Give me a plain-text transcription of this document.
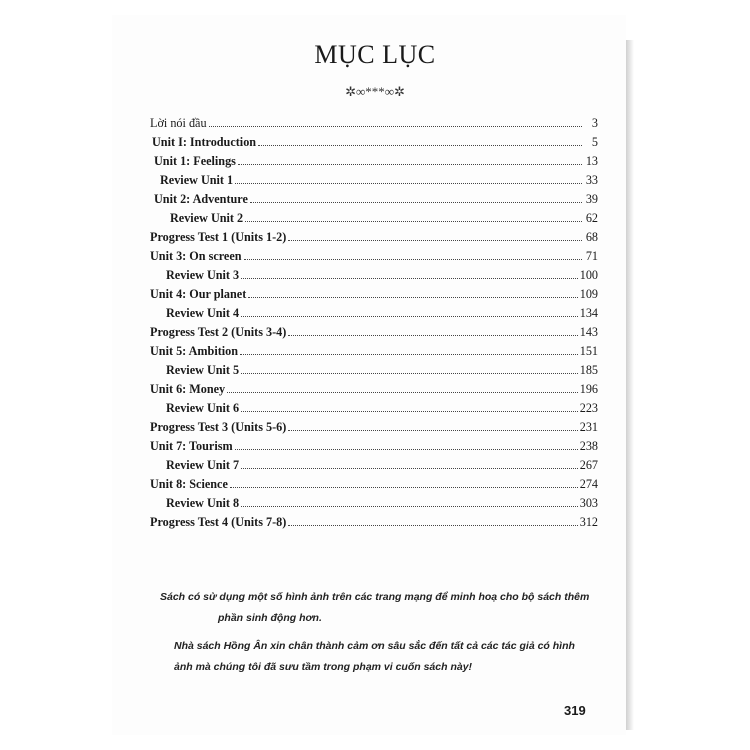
MỤC LỤC
✲∞***∞✲
Lời nói đầu	3
Unit I: Introduction	5
Unit 1: Feelings	13
Review Unit 1	33
Unit 2: Adventure	39
Review Unit 2	62
Progress Test 1 (Units 1-2)	68
Unit 3: On screen	71
Review Unit 3	100
Unit 4: Our planet	109
Review Unit 4	134
Progress Test 2 (Units 3-4)	143
Unit 5: Ambition	151
Review Unit 5	185
Unit 6: Money	196
Review Unit 6	223
Progress Test 3 (Units 5-6)	231
Unit 7: Tourism	238
Review Unit 7	267
Unit 8: Science	274
Review Unit 8	303
Progress Test 4 (Units 7-8)	312
Sách có sử dụng một số hình ảnh trên các trang mạng để minh hoạ cho bộ sách thêm
phần sinh động hơn.
Nhà sách Hồng Ân xin chân thành cảm ơn sâu sắc đến tất cả các tác giả có hình
ảnh mà chúng tôi đã sưu tầm trong phạm vi cuốn sách này!
319
